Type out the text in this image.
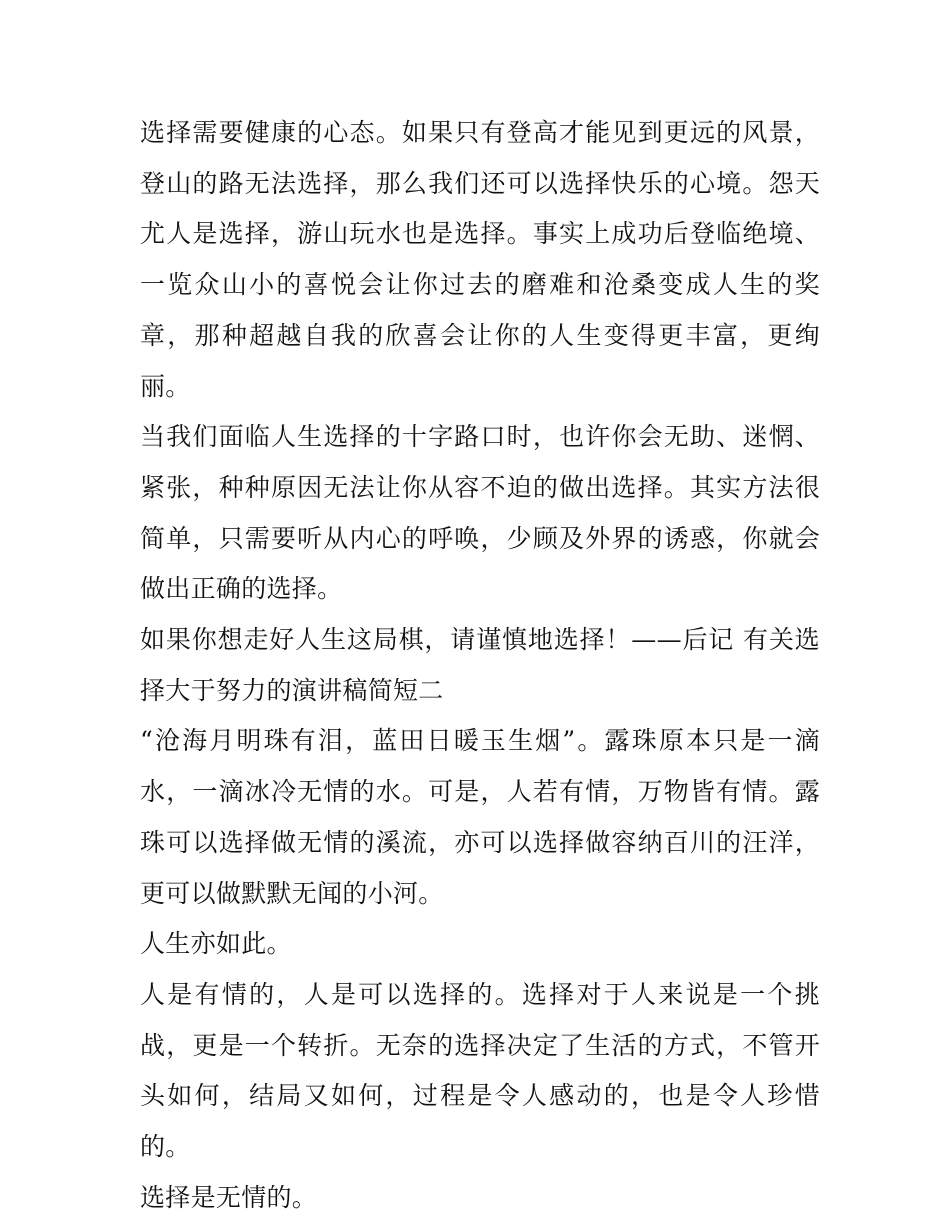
选择需要健康的心态。如果只有登高才能见到更远的风景，登山的路无法选择，那么我们还可以选择快乐的心境。怨天尤人是选择，游山玩水也是选择。事实上成功后登临绝境、一览众山小的喜悦会让你过去的磨难和沧桑变成人生的奖章，那种超越自我的欣喜会让你的人生变得更丰富，更绚丽。

当我们面临人生选择的十字路口时，也许你会无助、迷惘、紧张，种种原因无法让你从容不迫的做出选择。其实方法很简单，只需要听从内心的呼唤，少顾及外界的诱惑，你就会做出正确的选择。

如果你想走好人生这局棋，请谨慎地选择！——后记 有关选择大于努力的演讲稿简短二

“沧海月明珠有泪，蓝田日暖玉生烟”。露珠原本只是一滴水，一滴冰冷无情的水。可是，人若有情，万物皆有情。露珠可以选择做无情的溪流，亦可以选择做容纳百川的汪洋，更可以做默默无闻的小河。

人生亦如此。

人是有情的，人是可以选择的。选择对于人来说是一个挑战，更是一个转折。无奈的选择决定了生活的方式，不管开头如何，结局又如何，过程是令人感动的，也是令人珍惜的。

选择是无情的。
